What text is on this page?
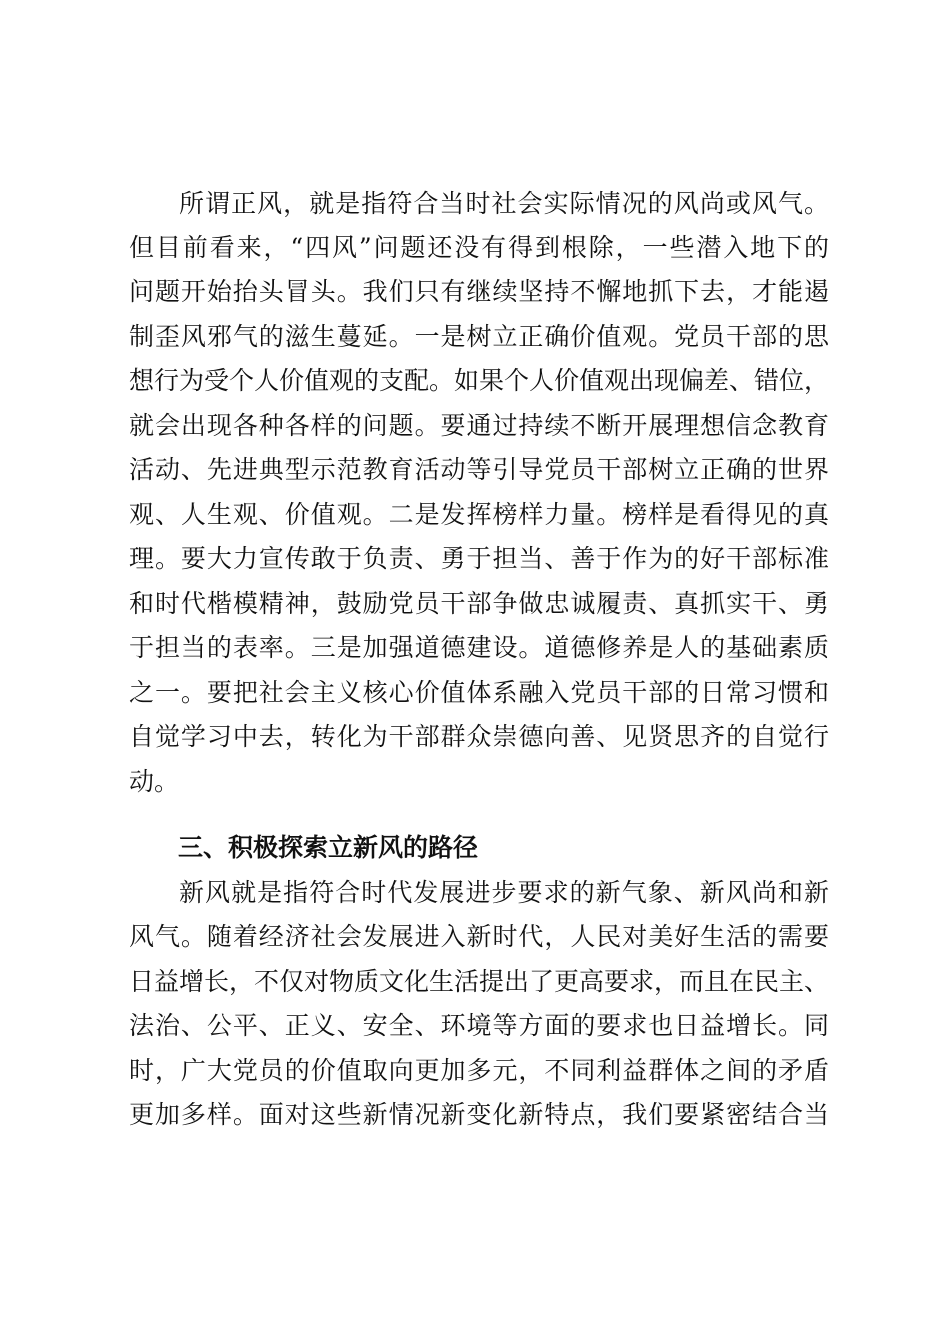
所谓正风，就是指符合当时社会实际情况的风尚或风气。
但目前看来，“四风”问题还没有得到根除，一些潜入地下的
问题开始抬头冒头。我们只有继续坚持不懈地抓下去，才能遏
制歪风邪气的滋生蔓延。一是树立正确价值观。党员干部的思
想行为受个人价值观的支配。如果个人价值观出现偏差、错位，
就会出现各种各样的问题。要通过持续不断开展理想信念教育
活动、先进典型示范教育活动等引导党员干部树立正确的世界
观、人生观、价值观。二是发挥榜样力量。榜样是看得见的真
理。要大力宣传敢于负责、勇于担当、善于作为的好干部标准
和时代楷模精神，鼓励党员干部争做忠诚履责、真抓实干、勇
于担当的表率。三是加强道德建设。道德修养是人的基础素质
之一。要把社会主义核心价值体系融入党员干部的日常习惯和
自觉学习中去，转化为干部群众崇德向善、见贤思齐的自觉行
动。
三、积极探索立新风的路径
新风就是指符合时代发展进步要求的新气象、新风尚和新
风气。随着经济社会发展进入新时代，人民对美好生活的需要
日益增长，不仅对物质文化生活提出了更高要求，而且在民主、
法治、公平、正义、安全、环境等方面的要求也日益增长。同
时，广大党员的价值取向更加多元，不同利益群体之间的矛盾
更加多样。面对这些新情况新变化新特点，我们要紧密结合当
